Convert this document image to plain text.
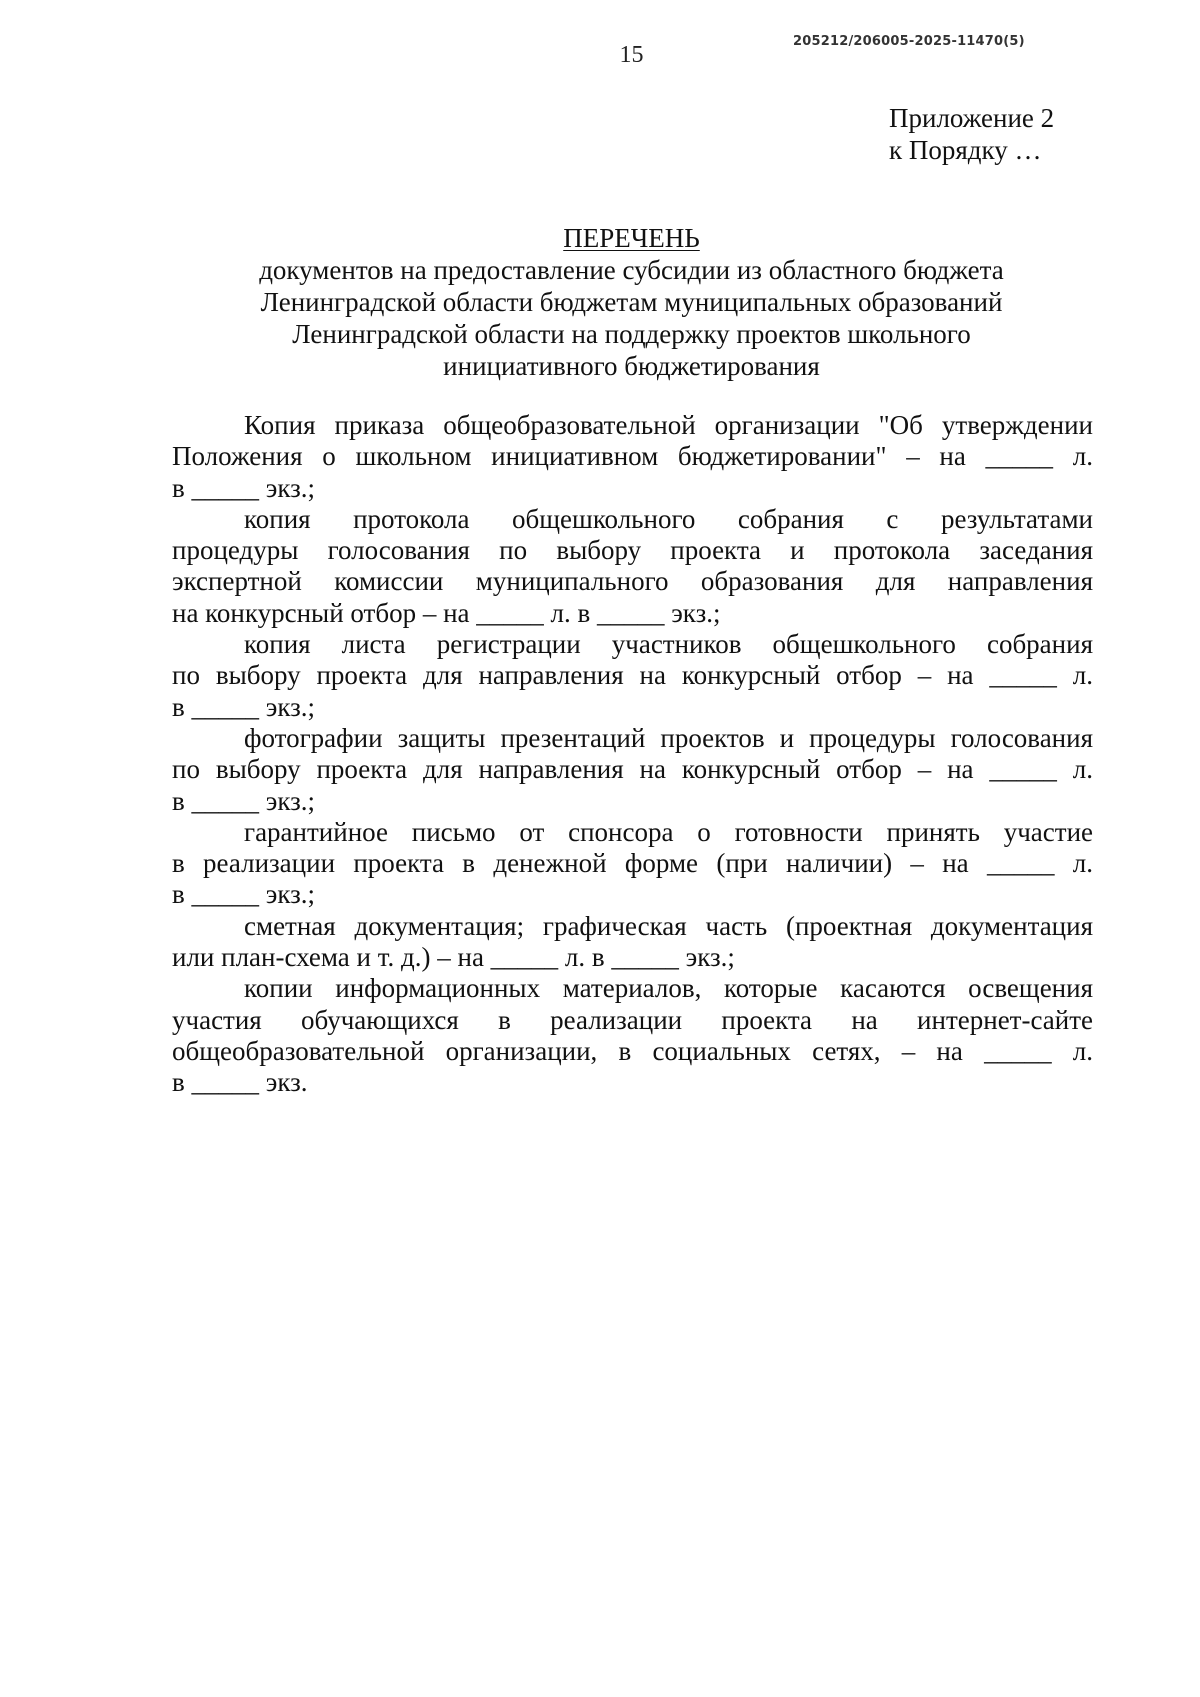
205212/206005-2025-11470(5)
15
Приложение 2
к Порядку …
ПЕРЕЧЕНЬ
документов на предоставление субсидии из областного бюджета
Ленинградской области бюджетам муниципальных образований
Ленинградской области на поддержку проектов школьного
инициативного бюджетирования

Копия приказа общеобразовательной организации "Об утверждении
Положения о школьном инициативном бюджетировании" – на _____ л.
в _____ экз.;

копия протокола общешкольного собрания с результатами
процедуры голосования по выбору проекта и протокола заседания
экспертной комиссии муниципального образования для направления
на конкурсный отбор – на _____ л. в _____ экз.;

копия листа регистрации участников общешкольного собрания
по выбору проекта для направления на конкурсный отбор – на _____ л.
в _____ экз.;

фотографии защиты презентаций проектов и процедуры голосования
по выбору проекта для направления на конкурсный отбор – на _____ л.
в _____ экз.;

гарантийное письмо от спонсора о готовности принять участие
в реализации проекта в денежной форме (при наличии) – на _____ л.
в _____ экз.;

сметная документация; графическая часть (проектная документация
или план-схема и т. д.) – на _____ л. в _____ экз.;

копии информационных материалов, которые касаются освещения
участия обучающихся в реализации проекта на интернет-сайте
общеобразовательной организации, в социальных сетях, – на _____ л.
в _____ экз.
